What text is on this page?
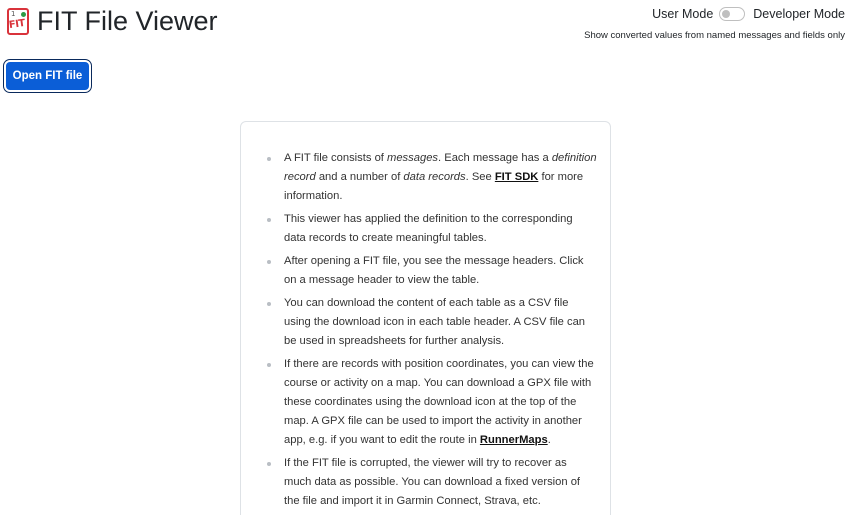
1
FIT FIT File Viewer	User Mode	Developer Mode
Show converted values from named messages and fields only
Open FIT file
A FIT file consists of messages. Each message has a definition record and a number of data records. See FIT SDK for more information.
This viewer has applied the definition to the corresponding data records to create meaningful tables.
After opening a FIT file, you see the message headers. Click on a message header to view the table.
You can download the content of each table as a CSV file using the download icon in each table header. A CSV file can be used in spreadsheets for further analysis.
If there are records with position coordinates, you can view the course or activity on a map. You can download a GPX file with these coordinates using the download icon at the top of the map. A GPX file can be used to import the activity in another app, e.g. if you want to edit the route in RunnerMaps.
If the FIT file is corrupted, the viewer will try to recover as much data as possible. You can download a fixed version of the file and import it in Garmin Connect, Strava, etc.
